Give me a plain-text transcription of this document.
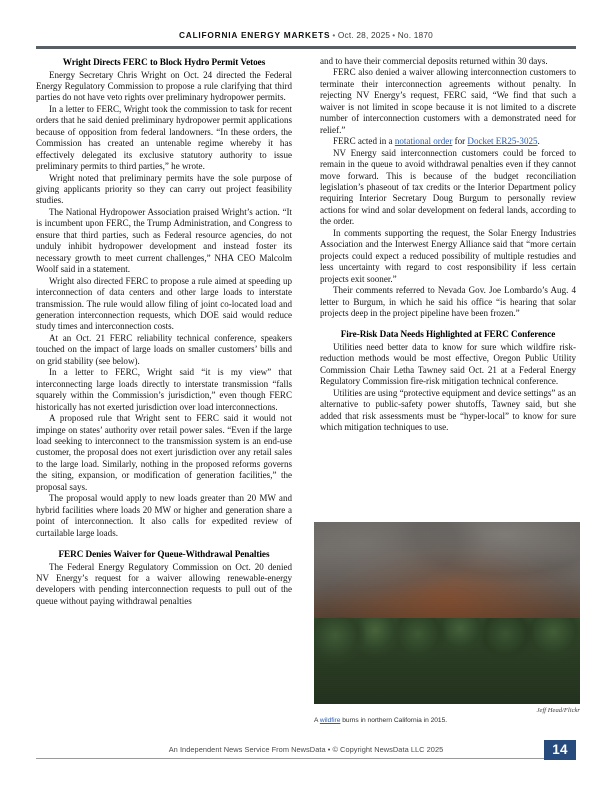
CALIFORNIA ENERGY MARKETS • Oct. 28, 2025 • No. 1870
Wright Directs FERC to Block Hydro Permit Vetoes

Energy Secretary Chris Wright on Oct. 24 directed the Federal Energy Regulatory Commission to propose a rule clarifying that third parties do not have veto rights over preliminary hydropower permits.

In a letter to FERC, Wright took the commission to task for recent orders that he said denied preliminary hydropower permit applications because of opposition from federal landowners. “In these orders, the Commission has created an untenable regime whereby it has effectively delegated its exclusive statutory authority to issue preliminary permits to third parties,” he wrote.

Wright noted that preliminary permits have the sole purpose of giving applicants priority so they can carry out project feasibility studies.

The National Hydropower Association praised Wright’s action. “It is incumbent upon FERC, the Trump Administration, and Congress to ensure that third parties, such as Federal resource agencies, do not unduly inhibit hydropower development and instead foster its necessary growth to meet current challenges,” NHA CEO Malcolm Woolf said in a statement.

Wright also directed FERC to propose a rule aimed at speeding up interconnection of data centers and other large loads to interstate transmission. The rule would allow filing of joint co-located load and generation interconnection requests, which DOE said would reduce study times and interconnection costs.

At an Oct. 21 FERC reliability technical conference, speakers touched on the impact of large loads on smaller customers’ bills and on grid stability (see below).

In a letter to FERC, Wright said “it is my view” that interconnecting large loads directly to interstate transmission “falls squarely within the Commission’s jurisdiction,” even though FERC historically has not exerted jurisdiction over load interconnections.

A proposed rule that Wright sent to FERC said it would not impinge on states’ authority over retail power sales. “Even if the large load seeking to interconnect to the transmission system is an end-use customer, the proposal does not exert jurisdiction over any retail sales to the large load. Similarly, nothing in the proposed reforms governs the siting, expansion, or modification of generation facilities,” the proposal says.

The proposal would apply to new loads greater than 20 MW and hybrid facilities where loads 20 MW or higher and generation share a point of interconnection. It also calls for expedited review of curtailable large loads.

FERC Denies Waiver for Queue-Withdrawal Penalties

The Federal Energy Regulatory Commission on Oct. 20 denied NV Energy’s request for a waiver allowing renewable-energy developers with pending interconnection requests to pull out of the queue without paying withdrawal penalties

and to have their commercial deposits returned within 30 days.

FERC also denied a waiver allowing interconnection customers to terminate their interconnection agreements without penalty. In rejecting NV Energy’s request, FERC said, “We find that such a waiver is not limited in scope because it is not limited to a discrete number of interconnection customers with a demonstrated need for relief.”

FERC acted in a notational order for Docket ER25-3025.

NV Energy said interconnection customers could be forced to remain in the queue to avoid withdrawal penalties even if they cannot move forward. This is because of the budget reconciliation legislation’s phaseout of tax credits or the Interior Department policy requiring Interior Secretary Doug Burgum to personally review actions for wind and solar development on federal lands, according to the order.

In comments supporting the request, the Solar Energy Industries Association and the Interwest Energy Alliance said that “more certain projects could expect a reduced possibility of multiple restudies and less uncertainty with regard to cost responsibility if less certain projects exit sooner.”

Their comments referred to Nevada Gov. Joe Lombardo’s Aug. 4 letter to Burgum, in which he said his office “is hearing that solar projects deep in the project pipeline have been frozen.”

Fire-Risk Data Needs Highlighted at FERC Conference

Utilities need better data to know for sure which wildfire risk-reduction methods would be most effective, Oregon Public Utility Commission Chair Letha Tawney said Oct. 21 at a Federal Energy Regulatory Commission fire-risk mitigation technical conference.

Utilities are using “protective equipment and device settings” as an alternative to public-safety power shutoffs, Tawney said, but she added that risk assessments must be “hyper-local” to know for sure which mitigation techniques to use.

Jeff Head/Flickr
A wildfire burns in northern California in 2015.
An Independent News Service From NewsData • © Copyright NewsData LLC 2025	14
